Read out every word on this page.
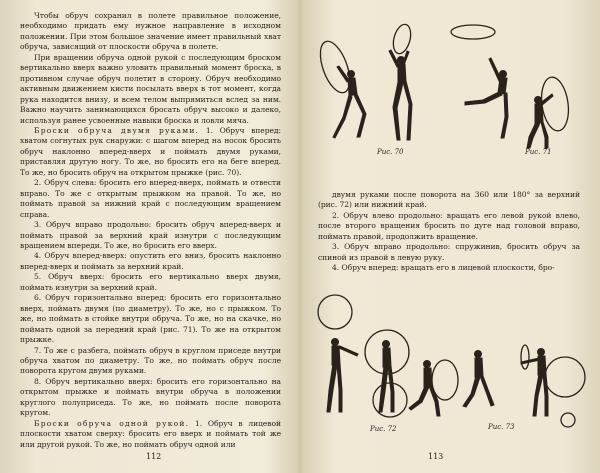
Чтобы обруч сохранил в полете правильное положение, необходимо придать ему нужное направление в исходном положении. При этом большое значение имеет правильный хват обруча, зависящий от плоскости обруча в полете.

При вращении обруча одной рукой с последующим броском вертикально вверх важно уловить правильный момент броска, в противном случае обруч полетит в сторону. Обруч необходимо активным движением кисти посылать вверх в тот момент, когда рука находится внизу, и всем телом выпрямиться вслед за ним. Важно научить занимающихся бросать обруч высоко и далеко, используя ранее усвоенные навыки броска и ловли мяча.

Броски обруча двумя руками. 1. Обруч вперед: хватом согнутых рук снаружи: с шагом вперед на носок бросить обруч наклонно вперед-вверх и поймать двумя руками, приставляя другую ногу. То же, но бросить его на беге вперед. То же, но бросить обруч на открытом прыжке (рис. 70).

2. Обруч слева: бросить его вперед-вверх, поймать и отвести вправо. То же с открытым прыжком на правой. То же, но поймать правой за нижний край с последующим вращением справа.

3. Обруч вправо продольно: бросить обруч вперед-вверх и поймать правой за верхний край изнутри с последующим вращением впереди. То же, но бросить его вверх.

4. Обруч вперед-вверх: опустить его вниз, бросить наклонно вперед-вверх и поймать за верхний край.

5. Обруч вверх: бросить его вертикально вверх двумя, поймать изнутри за верхний край.

6. Обруч горизонтально вперед: бросить его горизонтально вверх, поймать двумя (по диаметру). То же, но с прыжком. То же, но поймать в стойке внутри обруча. То же, но на скачке, но поймать одной за передний край (рис. 71). То же на открытом прыжке.

7. То же с разбега, поймать обруч в круглом приседе внутри обруча хватом по диаметру. То же, но поймать обруч после поворота кругом двумя руками.

8. Обруч вертикально вверх: бросить его горизонтально на открытом прыжке и поймать внутри обруча в положении круглого полуприседа. То же, но поймать после поворота кругом.

Броски обруча одной рукой. 1. Обруч в лицевой плоскости хватом сверху: бросить его вверх и поймать той же или другой рукой. То же, но поймать обруч одной или

112
Рис. 70	Рис. 71

двумя руками после поворота на 360 или 180° за верхний (рис. 72) или нижний край.

2. Обруч влево продольно: вращать его левой рукой влево, после второго вращения бросить по дуге над головой вправо, поймать правой, продолжить вращение.

3. Обруч вправо продольно: спружинив, бросить обруч за спиной из правой в левую руку.

4. Обруч вперед: вращать его в лицевой плоскости, бро-

Рис. 72	Рис. 73
113
